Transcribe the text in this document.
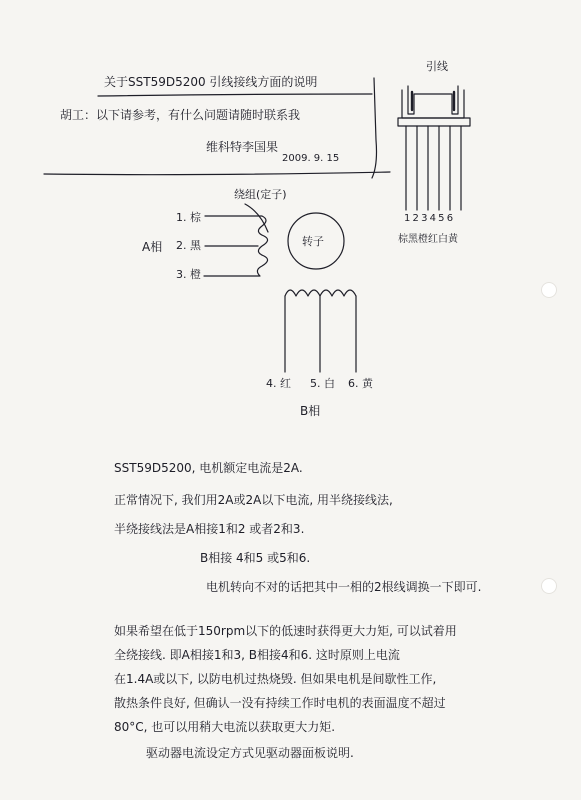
关于SST59D5200 引线接线方面的说明
胡工：以下请参考，有什么问题请随时联系我
维科特李国果
2009. 9. 15
引线
1 2 3 4 5 6
棕黑橙红白黄
绕组(定子)
转子
A相
B相
1. 棕
2. 黑
3. 橙
4. 红 5. 白 6. 黄
SST59D5200, 电机额定电流是2A.
正常情况下, 我们用2A或2A以下电流, 用半绕接线法,
半绕接线法是A相接1和2 或者2和3.
B相接 4和5 或5和6.
电机转向不对的话把其中一相的2根线调换一下即可.
如果希望在低于150rpm以下的低速时获得更大力矩, 可以试着用
全绕接线. 即A相接1和3, B相接4和6. 这时原则上电流
在1.4A或以下, 以防电机过热烧毁. 但如果电机是间歇性工作,
散热条件良好, 但确认一没有持续工作时电机的表面温度不超过
80°C, 也可以用稍大电流以获取更大力矩.
驱动器电流设定方式见驱动器面板说明.
